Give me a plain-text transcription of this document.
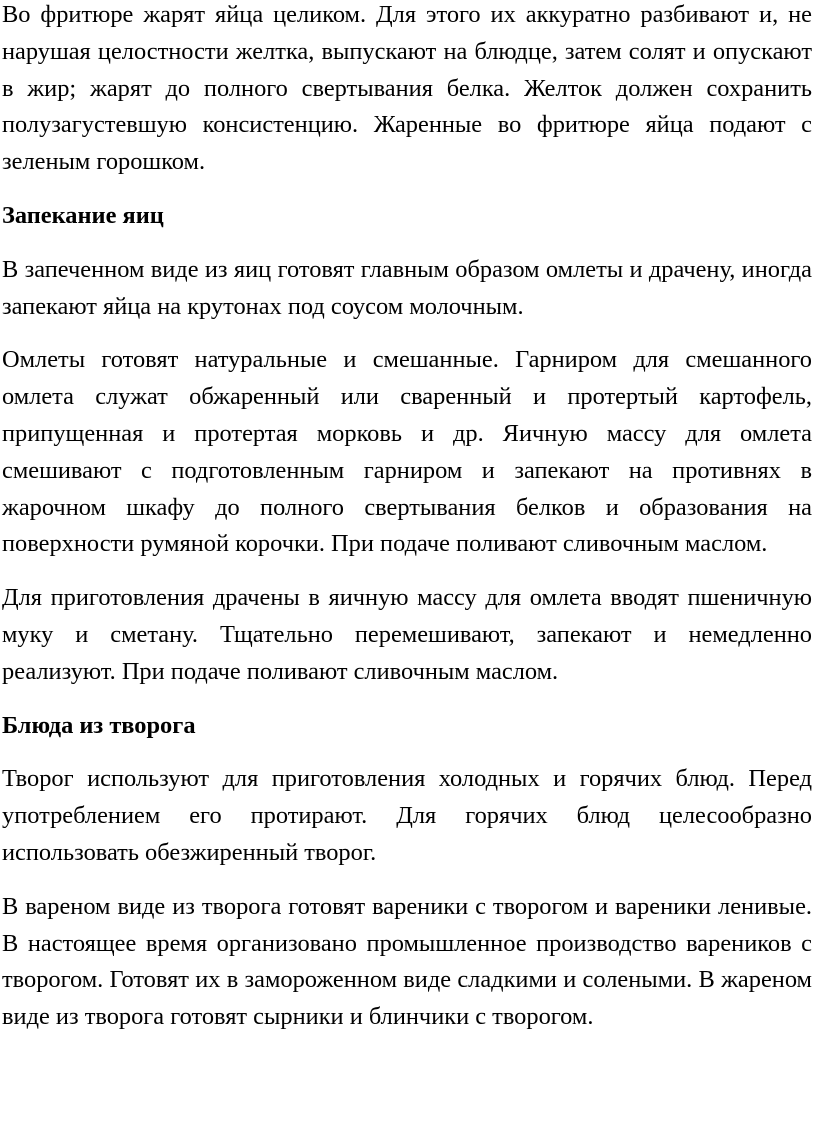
Во фритюре жарят яйца целиком. Для этого их аккуратно разбивают и, не нарушая целостности желтка, выпускают на блюдце, затем солят и опускают в жир; жарят до полного свертывания белка. Желток должен сохранить полузагустевшую консистенцию. Жаренные во фритюре яйца подают с зеленым горошком.

Запекание яиц

В запеченном виде из яиц готовят главным образом омлеты и драчену, иногда запекают яйца на крутонах под соусом молочным.

Омлеты готовят натуральные и смешанные. Гарниром для смешанного омлета служат обжаренный или сваренный и протертый картофель, припущенная и протертая морковь и др. Яичную массу для омлета смешивают с подготовленным гарниром и запекают на противнях в жарочном шкафу до полного свертывания белков и образования на поверхности румяной корочки. При подаче поливают сливочным маслом.

Для приготовления драчены в яичную массу для омлета вводят пшеничную муку и сметану. Тщательно перемешивают, запекают и немедленно реализуют. При подаче поливают сливочным маслом.

Блюда из творога

Творог используют для приготовления холодных и горячих блюд. Перед употреблением его протирают. Для горячих блюд целесообразно использовать обезжиренный творог.

В вареном виде из творога готовят вареники с творогом и вареники ленивые. В настоящее время организовано промышленное производство вареников с творогом. Готовят их в замороженном виде сладкими и солеными. В жареном виде из творога готовят сырники и блинчики с творогом.
